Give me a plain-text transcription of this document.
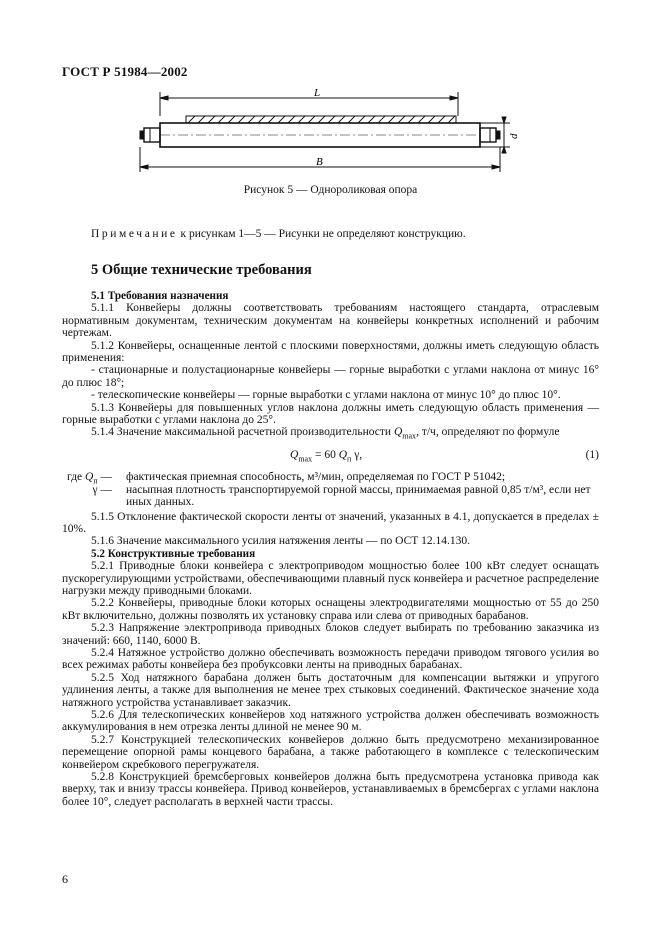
ГОСТ Р 51984—2002
L
d
B
Рисунок 5 — Однороликовая опора
Примечание к рисункам 1—5 — Рисунки не определяют конструкцию.
5 Общие технические требования

5.1 Требования назначения

5.1.1 Конвейеры должны соответствовать требованиям настоящего стандарта, отраслевым нормативным документам, техническим документам на конвейеры конкретных исполнений и рабочим чертежам.

5.1.2 Конвейеры, оснащенные лентой с плоскими поверхностями, должны иметь следующую область применения:

- стационарные и полустационарные конвейеры — горные выработки с углами наклона от минус 16° до плюс 18°;

- телескопические конвейеры — горные выработки с углами наклона от минус 10° до плюс 10°.

5.1.3 Конвейеры для повышенных углов наклона должны иметь следующую область применения — горные выработки с углами наклона до 25°.

5.1.4 Значение максимальной расчетной производительности $Q_{max}$, т/ч, определяют по формуле

$Q_{max} = 60$ $Q_п$ γ,	(1)
где $Q_п$ —	фактическая приемная способность, м³/мин, определяемая по ГОСТ Р 51042;
γ —	насыпная плотность транспортируемой горной массы, принимаемая равной 0,85 т/м³, если нет иных данных.

5.1.5 Отклонение фактической скорости ленты от значений, указанных в 4.1, допускается в пределах ± 10%.

5.1.6 Значение максимального усилия натяжения ленты — по ОСТ 12.14.130.

5.2 Конструктивные требования

5.2.1 Приводные блоки конвейера с электроприводом мощностью более 100 кВт следует оснащать пускорегулирующими устройствами, обеспечивающими плавный пуск конвейера и расчетное распределение нагрузки между приводными блоками.

5.2.2 Конвейеры, приводные блоки которых оснащены электродвигателями мощностью от 55 до 250 кВт включительно, должны позволять их установку справа или слева от приводных барабанов.

5.2.3 Напряжение электропривода приводных блоков следует выбирать по требованию заказчика из значений: 660, 1140, 6000 В.

5.2.4 Натяжное устройство должно обеспечивать возможность передачи приводом тягового усилия во всех режимах работы конвейера без пробуксовки ленты на приводных барабанах.

5.2.5 Ход натяжного барабана должен быть достаточным для компенсации вытяжки и упругого удлинения ленты, а также для выполнения не менее трех стыковых соединений. Фактическое значение хода натяжного устройства устанавливает заказчик.

5.2.6 Для телескопических конвейеров ход натяжного устройства должен обеспечивать возможность аккумулирования в нем отрезка ленты длиной не менее 90 м.

5.2.7 Конструкцией телескопических конвейеров должно быть предусмотрено механизированное перемещение опорной рамы концевого барабана, а также работающего в комплексе с телескопическим конвейером скребкового перегружателя.

5.2.8 Конструкцией бремсберговых конвейеров должна быть предусмотрена установка привода как вверху, так и внизу трассы конвейера. Привод конвейеров, устанавливаемых в бремсбергах с углами наклона более 10°, следует располагать в верхней части трассы.

6
